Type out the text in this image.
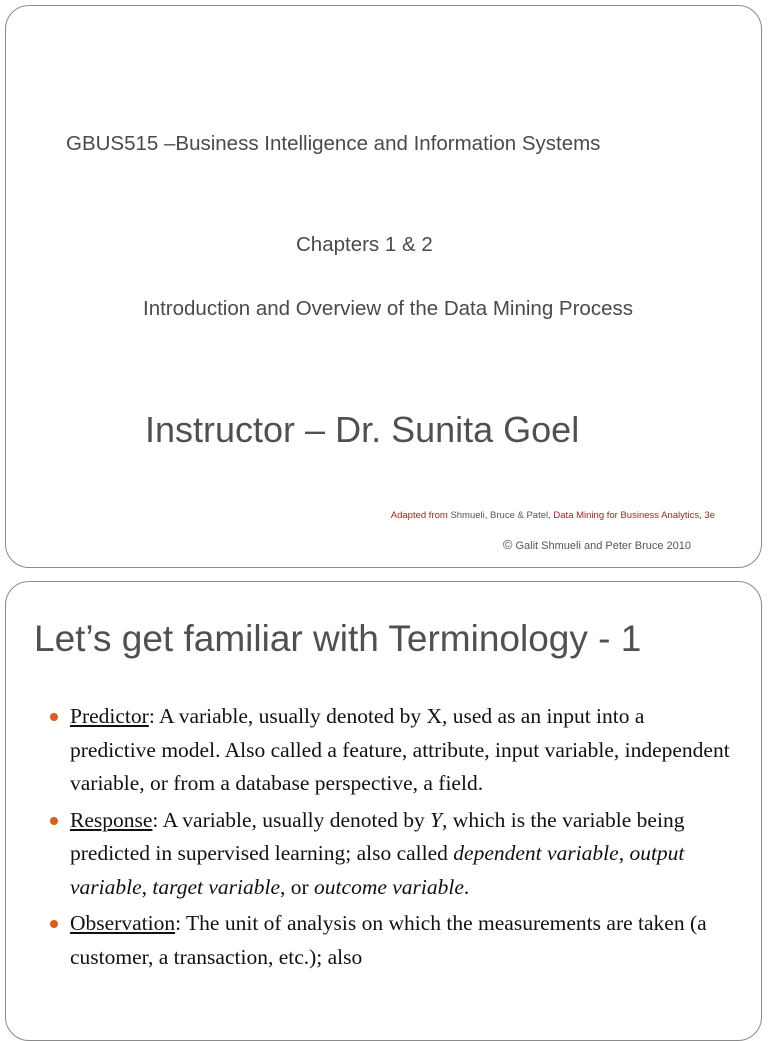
GBUS515 –Business Intelligence and Information Systems
Chapters 1 & 2
Introduction and Overview of the Data Mining Process
Instructor – Dr. Sunita Goel
Adapted from Shmueli, Bruce & Patel, Data Mining for Business Analytics, 3e
© Galit Shmueli and Peter Bruce 2010
Let’s get familiar with Terminology - 1
Predictor: A variable, usually denoted by X, used as an input into a predictive model. Also called a feature, attribute, input variable, independent variable, or from a database perspective, a field.
Response: A variable, usually denoted by Y, which is the variable being predicted in supervised learning; also called dependent variable, output variable, target variable, or outcome variable.
Observation: The unit of analysis on which the measurements are taken (a customer, a transaction, etc.); also
